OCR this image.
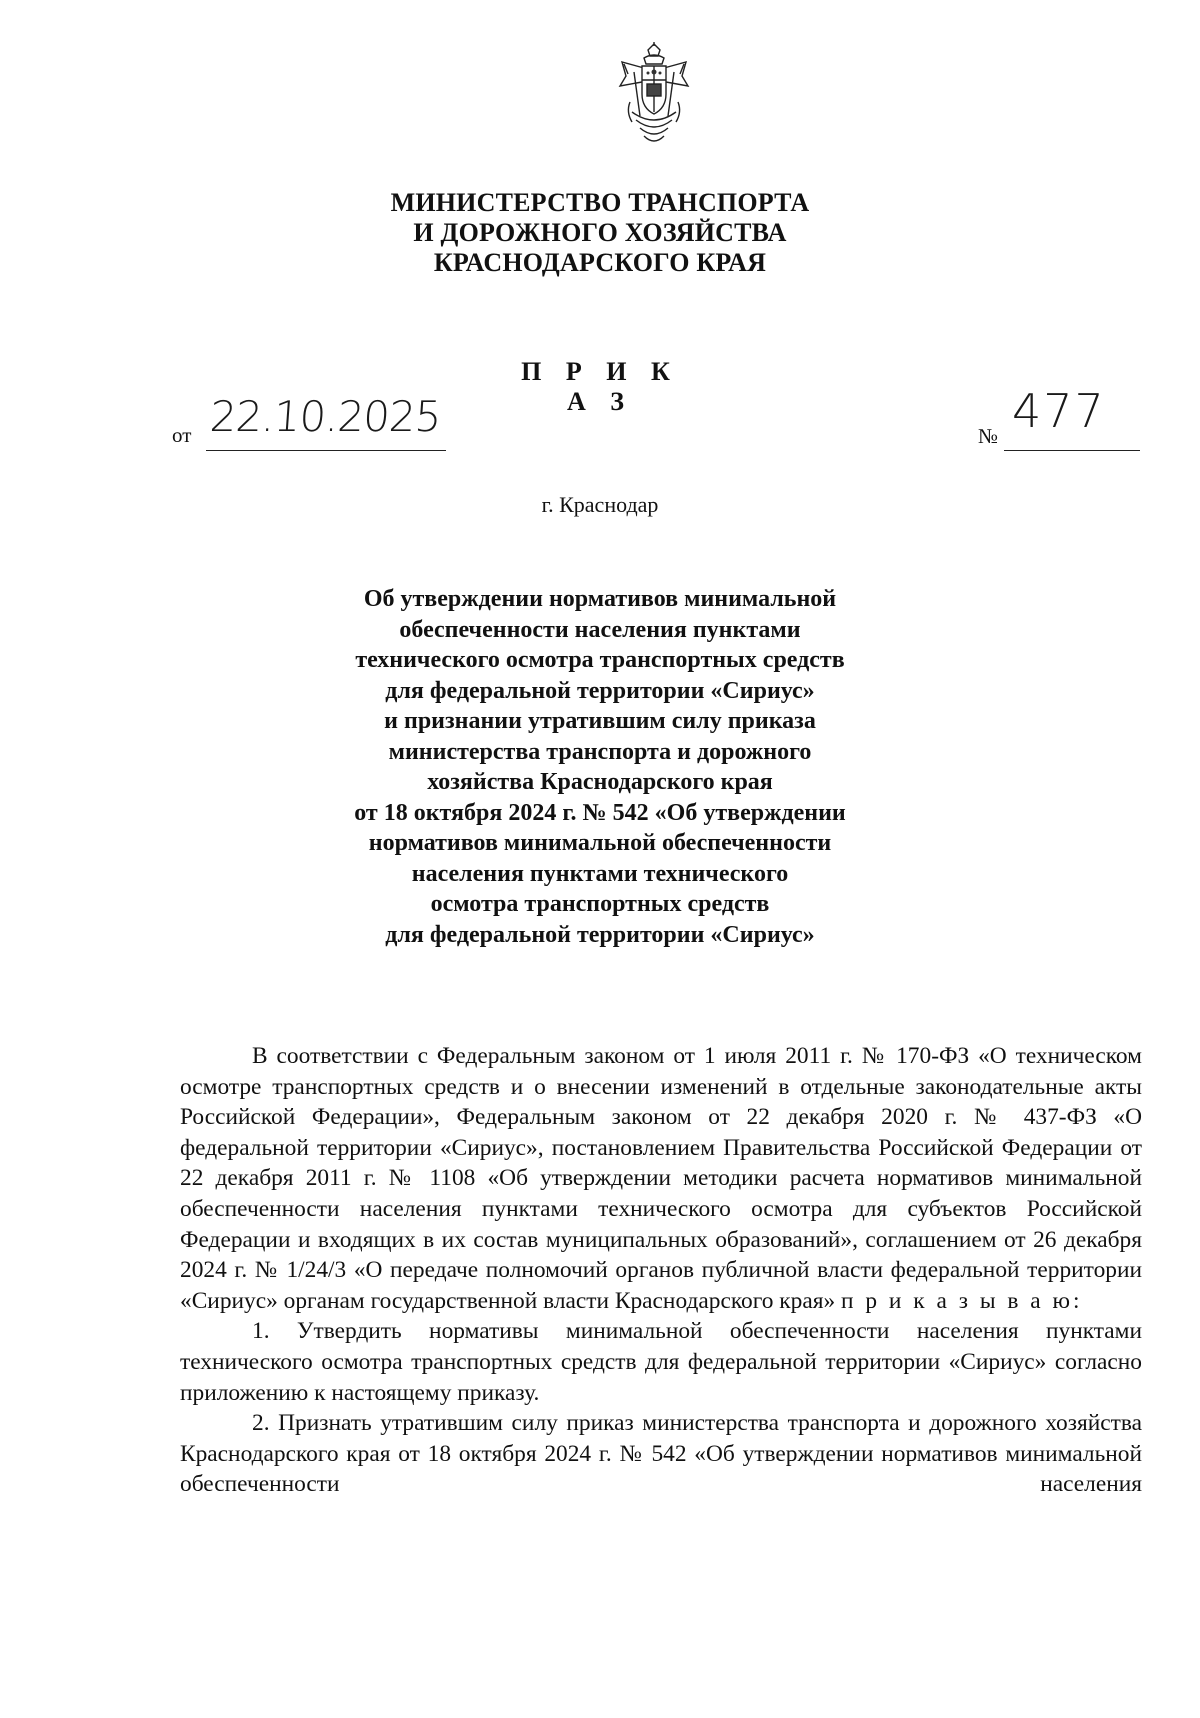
МИНИСТЕРСТВО ТРАНСПОРТА
И ДОРОЖНОГО ХОЗЯЙСТВА
КРАСНОДАРСКОГО КРАЯ
П Р И К А З
от 22.10.2025	№ 477
г. Краснодар
Об утверждении нормативов минимальной
обеспеченности населения пунктами
технического осмотра транспортных средств
для федеральной территории «Сириус»
и признании утратившим силу приказа
министерства транспорта и дорожного
хозяйства Краснодарского края
от 18 октября 2024 г. № 542 «Об утверждении
нормативов минимальной обеспеченности
населения пунктами технического
осмотра транспортных средств
для федеральной территории «Сириус»

В соответствии с Федеральным законом от 1 июля 2011 г. № 170-ФЗ «О техническом осмотре транспортных средств и о внесении изменений в отдельные законодательные акты Российской Федерации», Федеральным законом от 22 декабря 2020 г. № 437-ФЗ «О федеральной территории «Сириус», постановлением Правительства Российской Федерации от 22 декабря 2011 г. № 1108 «Об утверждении методики расчета нормативов минимальной обеспеченности населения пунктами технического осмотра для субъектов Российской Федерации и входящих в их состав муниципальных образований», соглашением от 26 декабря 2024 г. № 1/24/3 «О передаче полномочий органов публичной власти федеральной территории «Сириус» органам государственной власти Краснодарского края» п р и к а з ы в а ю:

1. Утвердить нормативы минимальной обеспеченности населения пунктами технического осмотра транспортных средств для федеральной территории «Сириус» согласно приложению к настоящему приказу.

2. Признать утратившим силу приказ министерства транспорта и дорожного хозяйства Краснодарского края от 18 октября 2024 г. № 542 «Об утверждении нормативов минимальной обеспеченности населения
